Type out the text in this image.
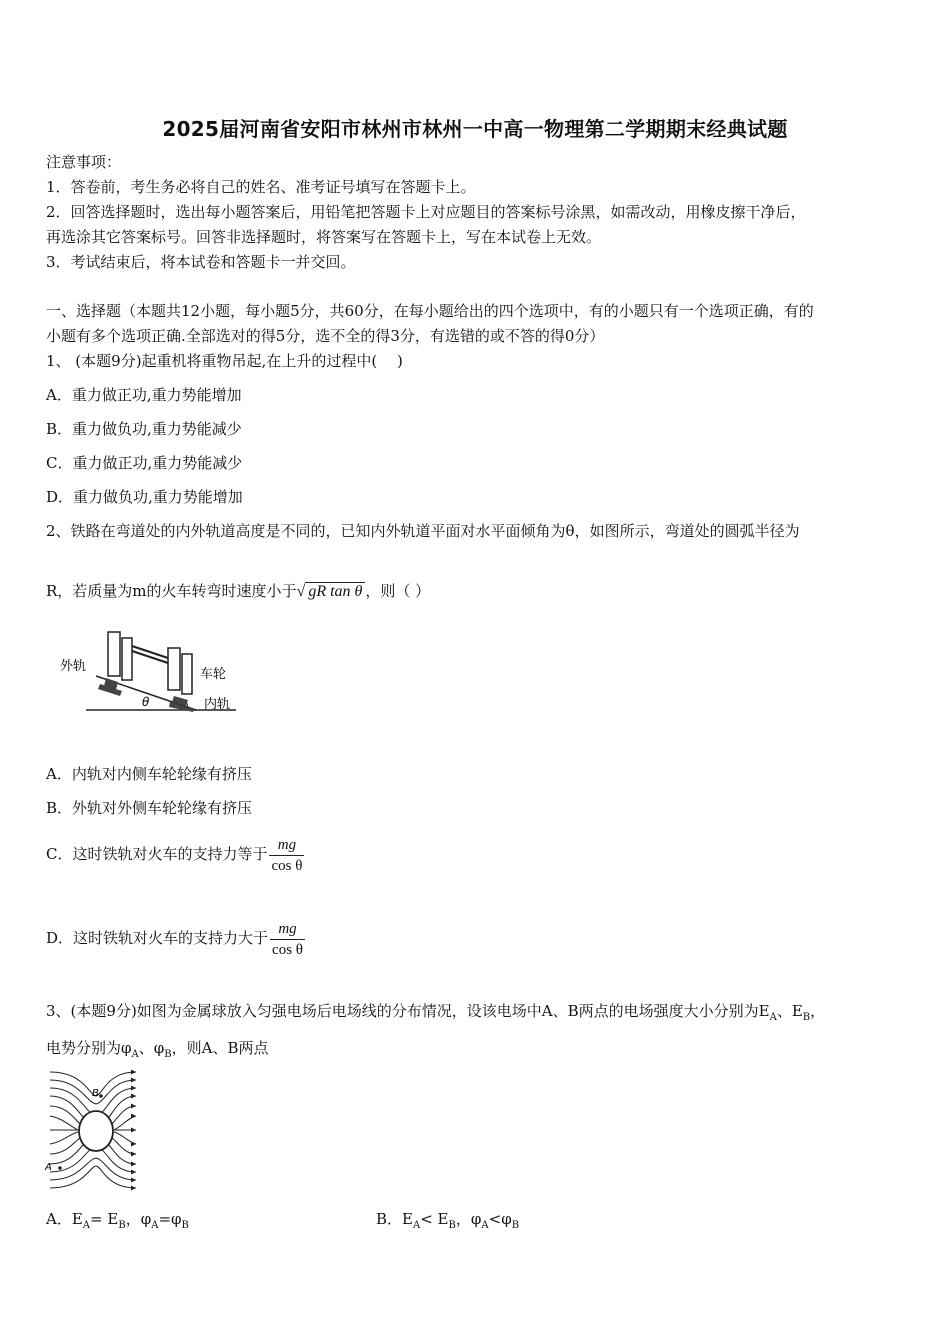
2025届河南省安阳市林州市林州一中高一物理第二学期期末经典试题
注意事项：
1．答卷前，考生务必将自己的姓名、准考证号填写在答题卡上。
2．回答选择题时，选出每小题答案后，用铅笔把答题卡上对应题目的答案标号涂黑，如需改动，用橡皮擦干净后，
再选涂其它答案标号。回答非选择题时，将答案写在答题卡上，写在本试卷上无效。
3．考试结束后，将本试卷和答题卡一并交回。
一、选择题（本题共12小题，每小题5分，共60分，在每小题给出的四个选项中，有的小题只有一个选项正确，有的
小题有多个选项正确.全部选对的得5分，选不全的得3分，有选错的或不答的得0分）
1、 (本题9分)起重机将重物吊起,在上升的过程中(　 )
A．重力做正功,重力势能增加
B．重力做负功,重力势能减少
C．重力做正功,重力势能减少
D．重力做负功,重力势能增加
2、铁路在弯道处的内外轨道高度是不同的，已知内外轨道平面对水平面倾角为θ，如图所示，弯道处的圆弧半径为
R，若质量为m的火车转弯时速度小于√ gR tan θ ，则（ ）
外轨
车轮
内轨
θ
A．内轨对内侧车轮轮缘有挤压
B．外轨对外侧车轮轮缘有挤压
C．这时铁轨对火车的支持力等于 $\frac{mg}{\text{cos θ}}$
D．这时铁轨对火车的支持力大于 $\frac{mg}{\text{cos θ}}$
3、(本题9分)如图为金属球放入匀强电场后电场线的分布情况，设该电场中A、B两点的电场强度大小分别为$E_A$、$E_B$，
电势分别为$\varphi_A$、$\varphi_B$，则A、B两点
B
A
A．$E_A= E_B$，$\varphi_A=\varphi_B$	B．$E_A< E_B$，$\varphi_A<\varphi_B$
